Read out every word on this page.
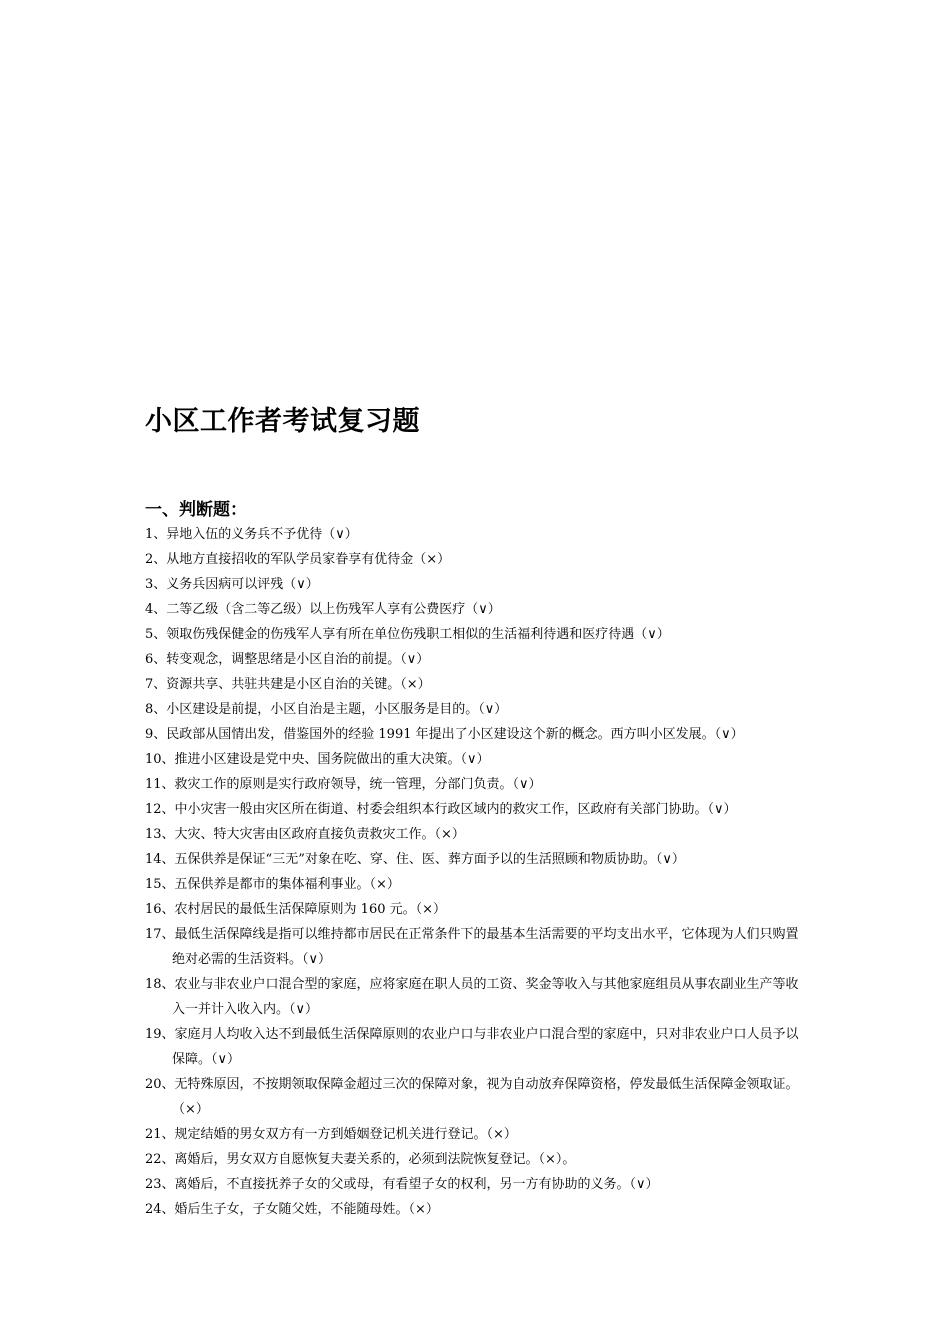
小区工作者考试复习题
一、判断题：
1、异地入伍的义务兵不予优待（∨）
2、从地方直接招收的军队学员家眷享有优待金（×）
3、义务兵因病可以评残（∨）
4、二等乙级（含二等乙级）以上伤残军人享有公费医疗（∨）
5、领取伤残保健金的伤残军人享有所在单位伤残职工相似的生活福利待遇和医疗待遇（∨）
6、转变观念，调整思绪是小区自治的前提。（∨）
7、资源共享、共驻共建是小区自治的关键。（×）
8、小区建设是前提，小区自治是主题，小区服务是目的。（∨）
9、民政部从国情出发，借鉴国外的经验 1991 年提出了小区建设这个新的概念。西方叫小区发展。（∨）
10、推进小区建设是党中央、国务院做出的重大决策。（∨）
11、救灾工作的原则是实行政府领导，统一管理，分部门负责。（∨）
12、中小灾害一般由灾区所在街道、村委会组织本行政区域内的救灾工作，区政府有关部门协助。（∨）
13、大灾、特大灾害由区政府直接负责救灾工作。（×）
14、五保供养是保证“三无”对象在吃、穿、住、医、葬方面予以的生活照顾和物质协助。（∨）
15、五保供养是都市的集体福利事业。（×）
16、农村居民的最低生活保障原则为 160 元。（×）
17、最低生活保障线是指可以维持都市居民在正常条件下的最基本生活需要的平均支出水平，它体现为人们只购置绝对必需的生活资料。（∨）
18、农业与非农业户口混合型的家庭，应将家庭在职人员的工资、奖金等收入与其他家庭组员从事农副业生产等收入一并计入收入内。（∨）
19、家庭月人均收入达不到最低生活保障原则的农业户口与非农业户口混合型的家庭中，只对非农业户口人员予以保障。（∨）
20、无特殊原因，不按期领取保障金超过三次的保障对象，视为自动放弃保障资格，停发最低生活保障金领取证。（×）
21、规定结婚的男女双方有一方到婚姻登记机关进行登记。（×）
22、离婚后，男女双方自愿恢复夫妻关系的，必须到法院恢复登记。（×）。
23、离婚后，不直接抚养子女的父或母，有看望子女的权利，另一方有协助的义务。（∨）
24、婚后生子女，子女随父姓，不能随母姓。（×）
